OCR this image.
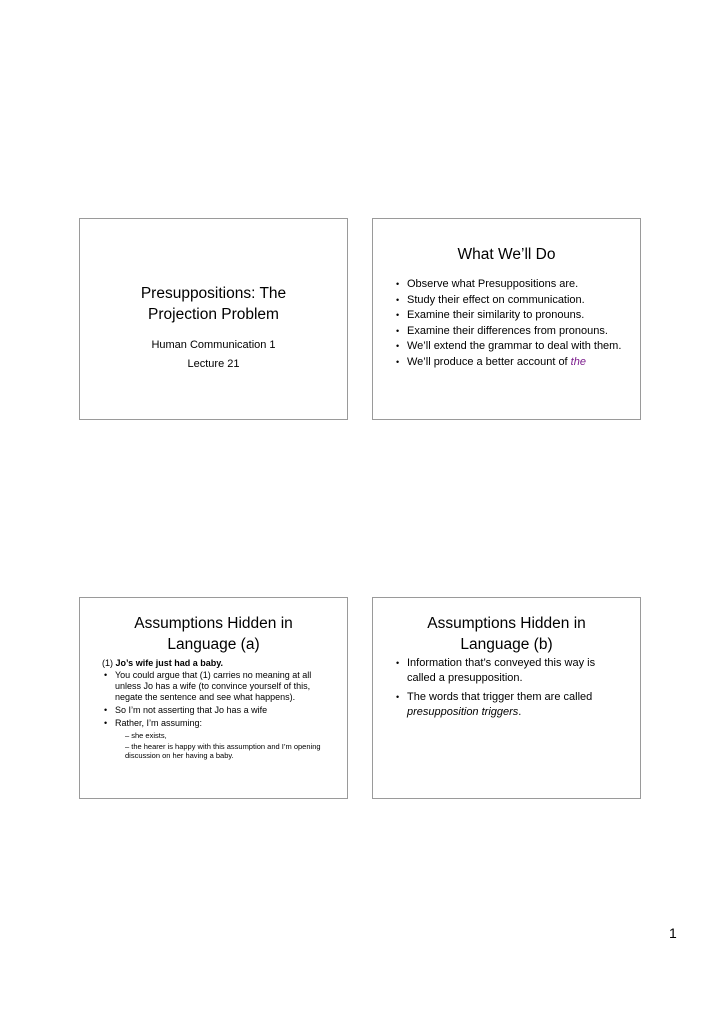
Presuppositions: The
Projection Problem
Human Communication 1
Lecture 21
What We’ll Do
• Observe what Presuppositions are.
• Study their effect on communication.
• Examine their similarity to pronouns.
• Examine their differences from pronouns.
• We’ll extend the grammar to deal with them.
• We’ll produce a better account of the
Assumptions Hidden in
Language (a)
(1) Jo’s wife just had a baby.
• You could argue that (1) carries no meaning at all unless Jo has a wife (to convince yourself of this, negate the sentence and see what happens).
• So I’m not asserting that Jo has a wife
• Rather, I’m assuming:
– she exists,
– the hearer is happy with this assumption and I’m opening discussion on her having a baby.
Assumptions Hidden in
Language (b)
• Information that’s conveyed this way is called a presupposition.
• The words that trigger them are called presupposition triggers.
1
